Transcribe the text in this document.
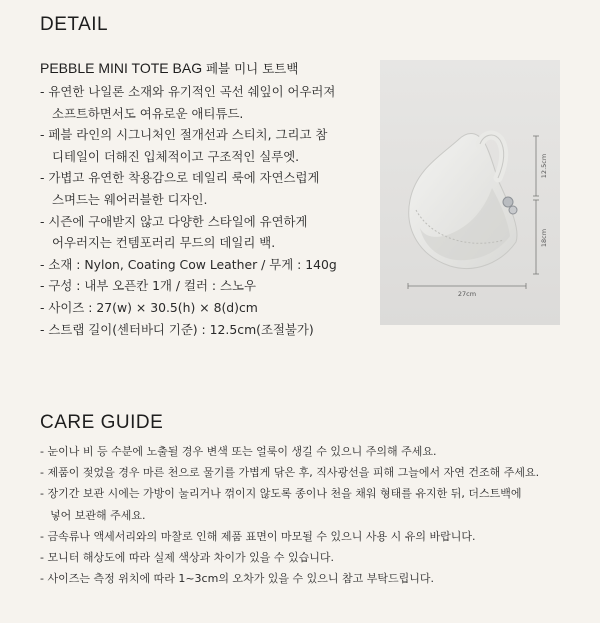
DETAIL
PEBBLE MINI TOTE BAG 페블 미니 토트백
- 유연한 나일론 소재와 유기적인 곡선 쉐잎이 어우러져
소프트하면서도 여유로운 애티튜드.
- 페블 라인의 시그니처인 절개선과 스티치, 그리고 참
디테일이 더해진 입체적이고 구조적인 실루엣.
- 가볍고 유연한 착용감으로 데일리 룩에 자연스럽게
스며드는 웨어러블한 디자인.
- 시즌에 구애받지 않고 다양한 스타일에 유연하게
어우러지는 컨템포러리 무드의 데일리 백.
- 소재 : Nylon, Coating Cow Leather / 무게 : 140g
- 구성 : 내부 오픈칸 1개 / 컬러 : 스노우
- 사이즈 : 27(w) × 30.5(h) × 8(d)cm
- 스트랩 길이(센터바디 기준) : 12.5cm(조절불가)
12.5cm
18cm
27cm
CARE GUIDE
- 눈이나 비 등 수분에 노출될 경우 변색 또는 얼룩이 생길 수 있으니 주의해 주세요.
- 제품이 젖었을 경우 마른 천으로 물기를 가볍게 닦은 후, 직사광선을 피해 그늘에서 자연 건조해 주세요.
- 장기간 보관 시에는 가방이 눌리거나 꺾이지 않도록 종이나 천을 채워 형태를 유지한 뒤, 더스트백에
넣어 보관해 주세요.
- 금속류나 액세서리와의 마찰로 인해 제품 표면이 마모될 수 있으니 사용 시 유의 바랍니다.
- 모니터 해상도에 따라 실제 색상과 차이가 있을 수 있습니다.
- 사이즈는 측정 위치에 따라 1~3cm의 오차가 있을 수 있으니 참고 부탁드립니다.
